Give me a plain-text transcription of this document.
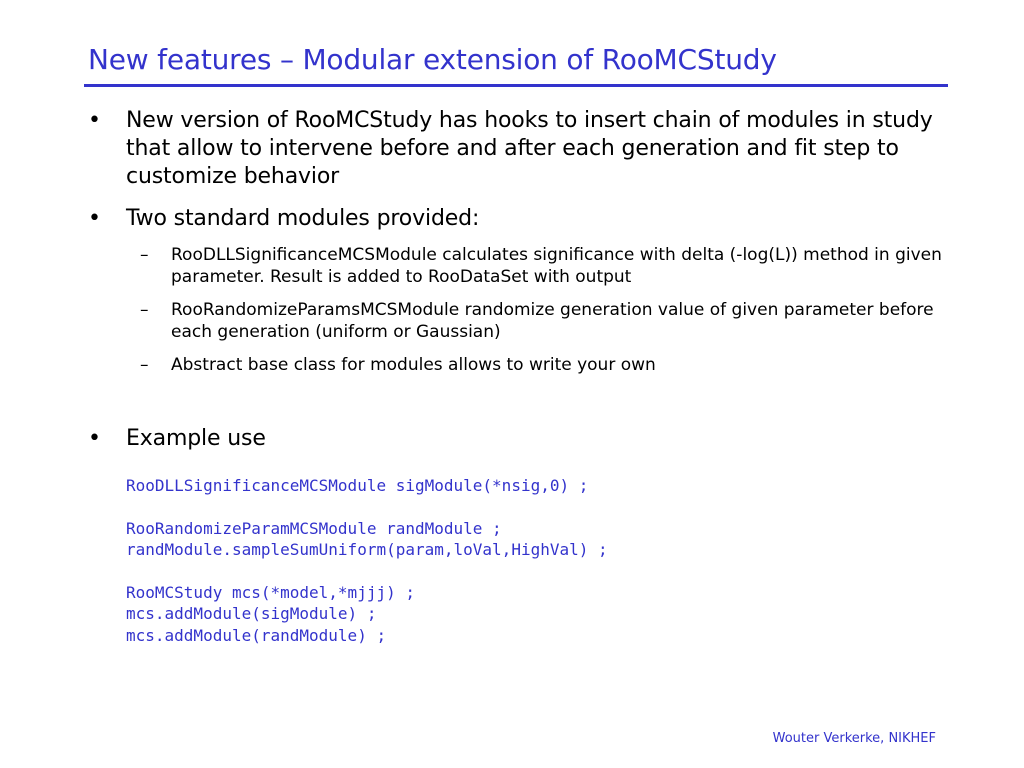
New features – Modular extension of RooMCStudy
• New version of RooMCStudy has hooks to insert chain of modules in study that allow to intervene before and after each generation and fit step to customize behavior
• Two standard modules provided:
– RooDLLSignificanceMCSModule calculates significance with delta (-log(L)) method in given parameter. Result is added to RooDataSet with output
– RooRandomizeParamsMCSModule randomize generation value of given parameter before each generation (uniform or Gaussian)
– Abstract base class for modules allows to write your own
• Example use
RooDLLSignificanceMCSModule sigModule(*nsig,0) ;
RooRandomizeParamMCSModule randModule ;
randModule.sampleSumUniform(param,loVal,HighVal) ;
RooMCStudy mcs(*model,*mjjj) ;
mcs.addModule(sigModule) ;
mcs.addModule(randModule) ;
Wouter Verkerke, NIKHEF
